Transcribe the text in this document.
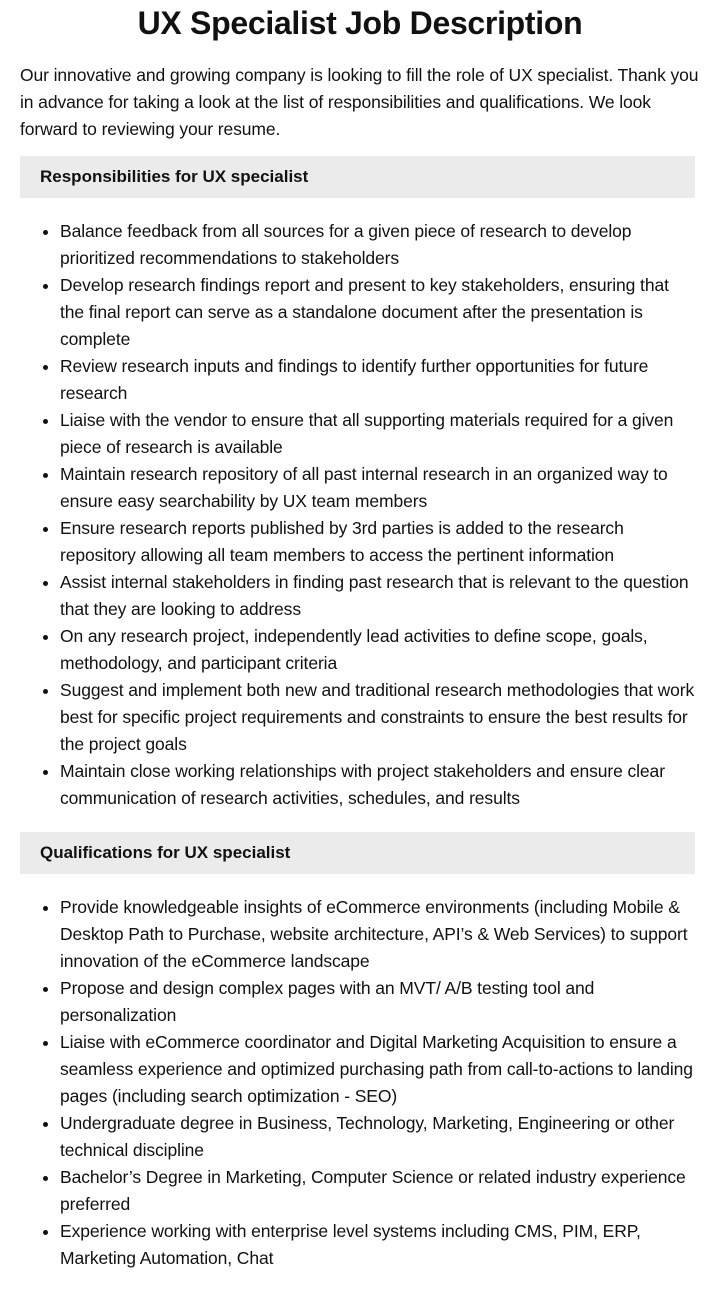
UX Specialist Job Description

Our innovative and growing company is looking to fill the role of UX specialist. Thank you in advance for taking a look at the list of responsibilities and qualifications. We look forward to reviewing your resume.

Responsibilities for UX specialist
• Balance feedback from all sources for a given piece of research to develop prioritized recommendations to stakeholders
• Develop research findings report and present to key stakeholders, ensuring that the final report can serve as a standalone document after the presentation is complete
• Review research inputs and findings to identify further opportunities for future research
• Liaise with the vendor to ensure that all supporting materials required for a given piece of research is available
• Maintain research repository of all past internal research in an organized way to ensure easy searchability by UX team members
• Ensure research reports published by 3rd parties is added to the research repository allowing all team members to access the pertinent information
• Assist internal stakeholders in finding past research that is relevant to the question that they are looking to address
• On any research project, independently lead activities to define scope, goals, methodology, and participant criteria
• Suggest and implement both new and traditional research methodologies that work best for specific project requirements and constraints to ensure the best results for the project goals
• Maintain close working relationships with project stakeholders and ensure clear communication of research activities, schedules, and results
Qualifications for UX specialist
• Provide knowledgeable insights of eCommerce environments (including Mobile & Desktop Path to Purchase, website architecture, API’s & Web Services) to support innovation of the eCommerce landscape
• Propose and design complex pages with an MVT/ A/B testing tool and personalization
• Liaise with eCommerce coordinator and Digital Marketing Acquisition to ensure a seamless experience and optimized purchasing path from call-to-actions to landing pages (including search optimization - SEO)
• Undergraduate degree in Business, Technology, Marketing, Engineering or other technical discipline
• Bachelor’s Degree in Marketing, Computer Science or related industry experience preferred
• Experience working with enterprise level systems including CMS, PIM, ERP, Marketing Automation, Chat
